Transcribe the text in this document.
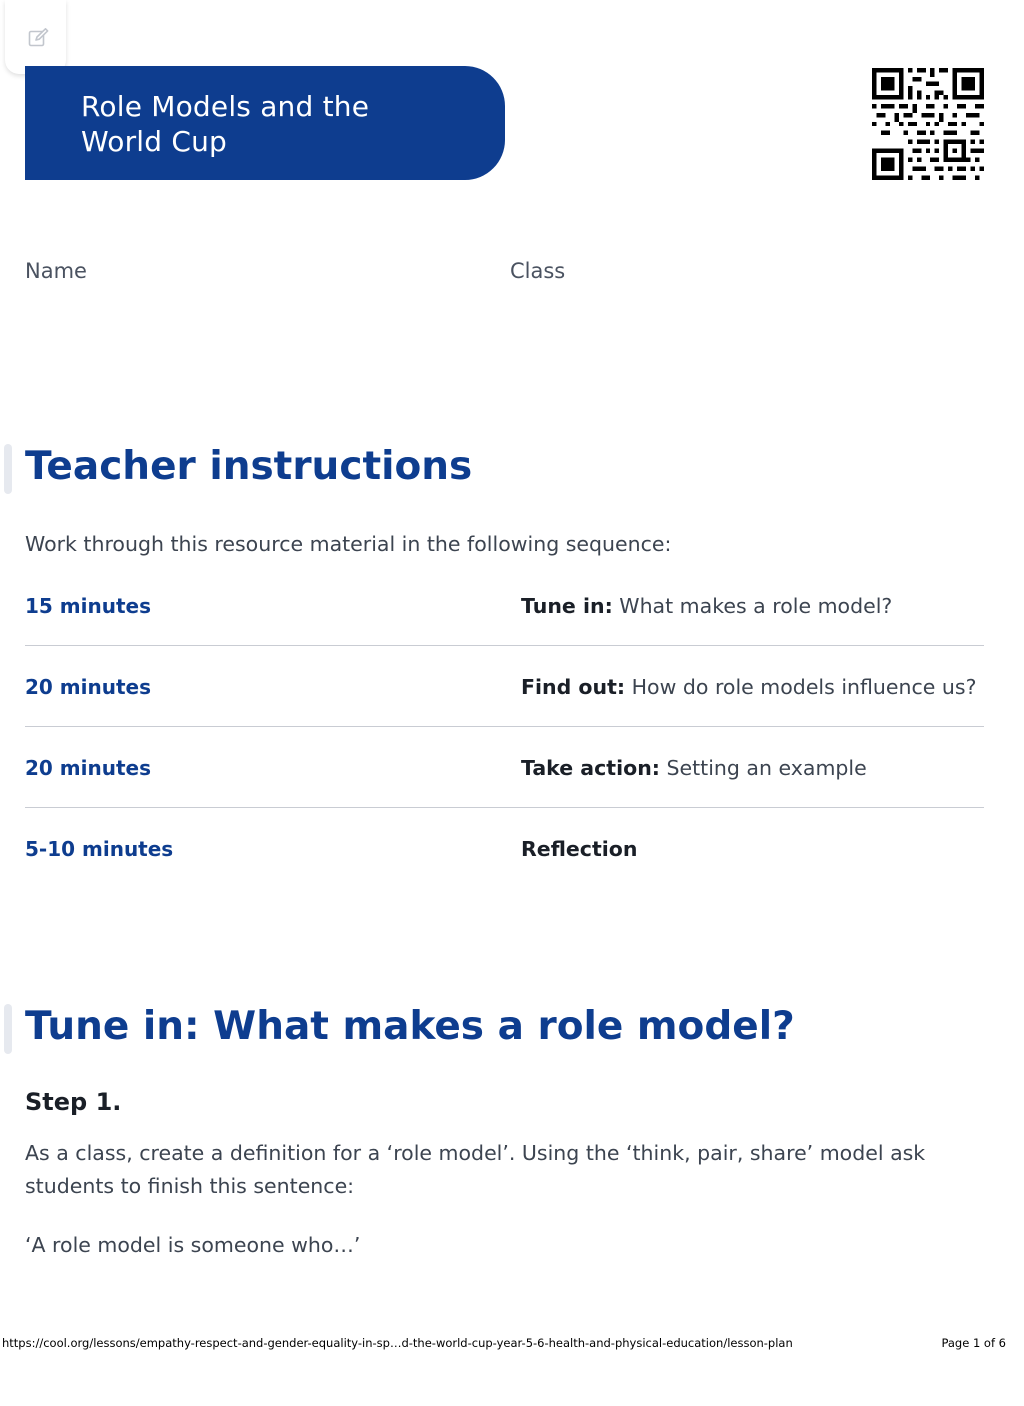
Role Models and the
World Cup
Name	Class
Teacher instructions

Work through this resource material in the following sequence:

15 minutes	Tune in: What makes a role model?
20 minutes	Find out: How do role models influence us?
20 minutes	Take action: Setting an example
5-10 minutes	Reflection
Tune in: What makes a role model?
Step 1.

As a class, create a definition for a ‘role model’. Using the ‘think, pair, share’ model ask students to finish this sentence:

‘A role model is someone who…’

https://cool.org/lessons/empathy-respect-and-gender-equality-in-sp…d-the-world-cup-year-5-6-health-and-physical-education/lesson-plan	Page 1 of 6
